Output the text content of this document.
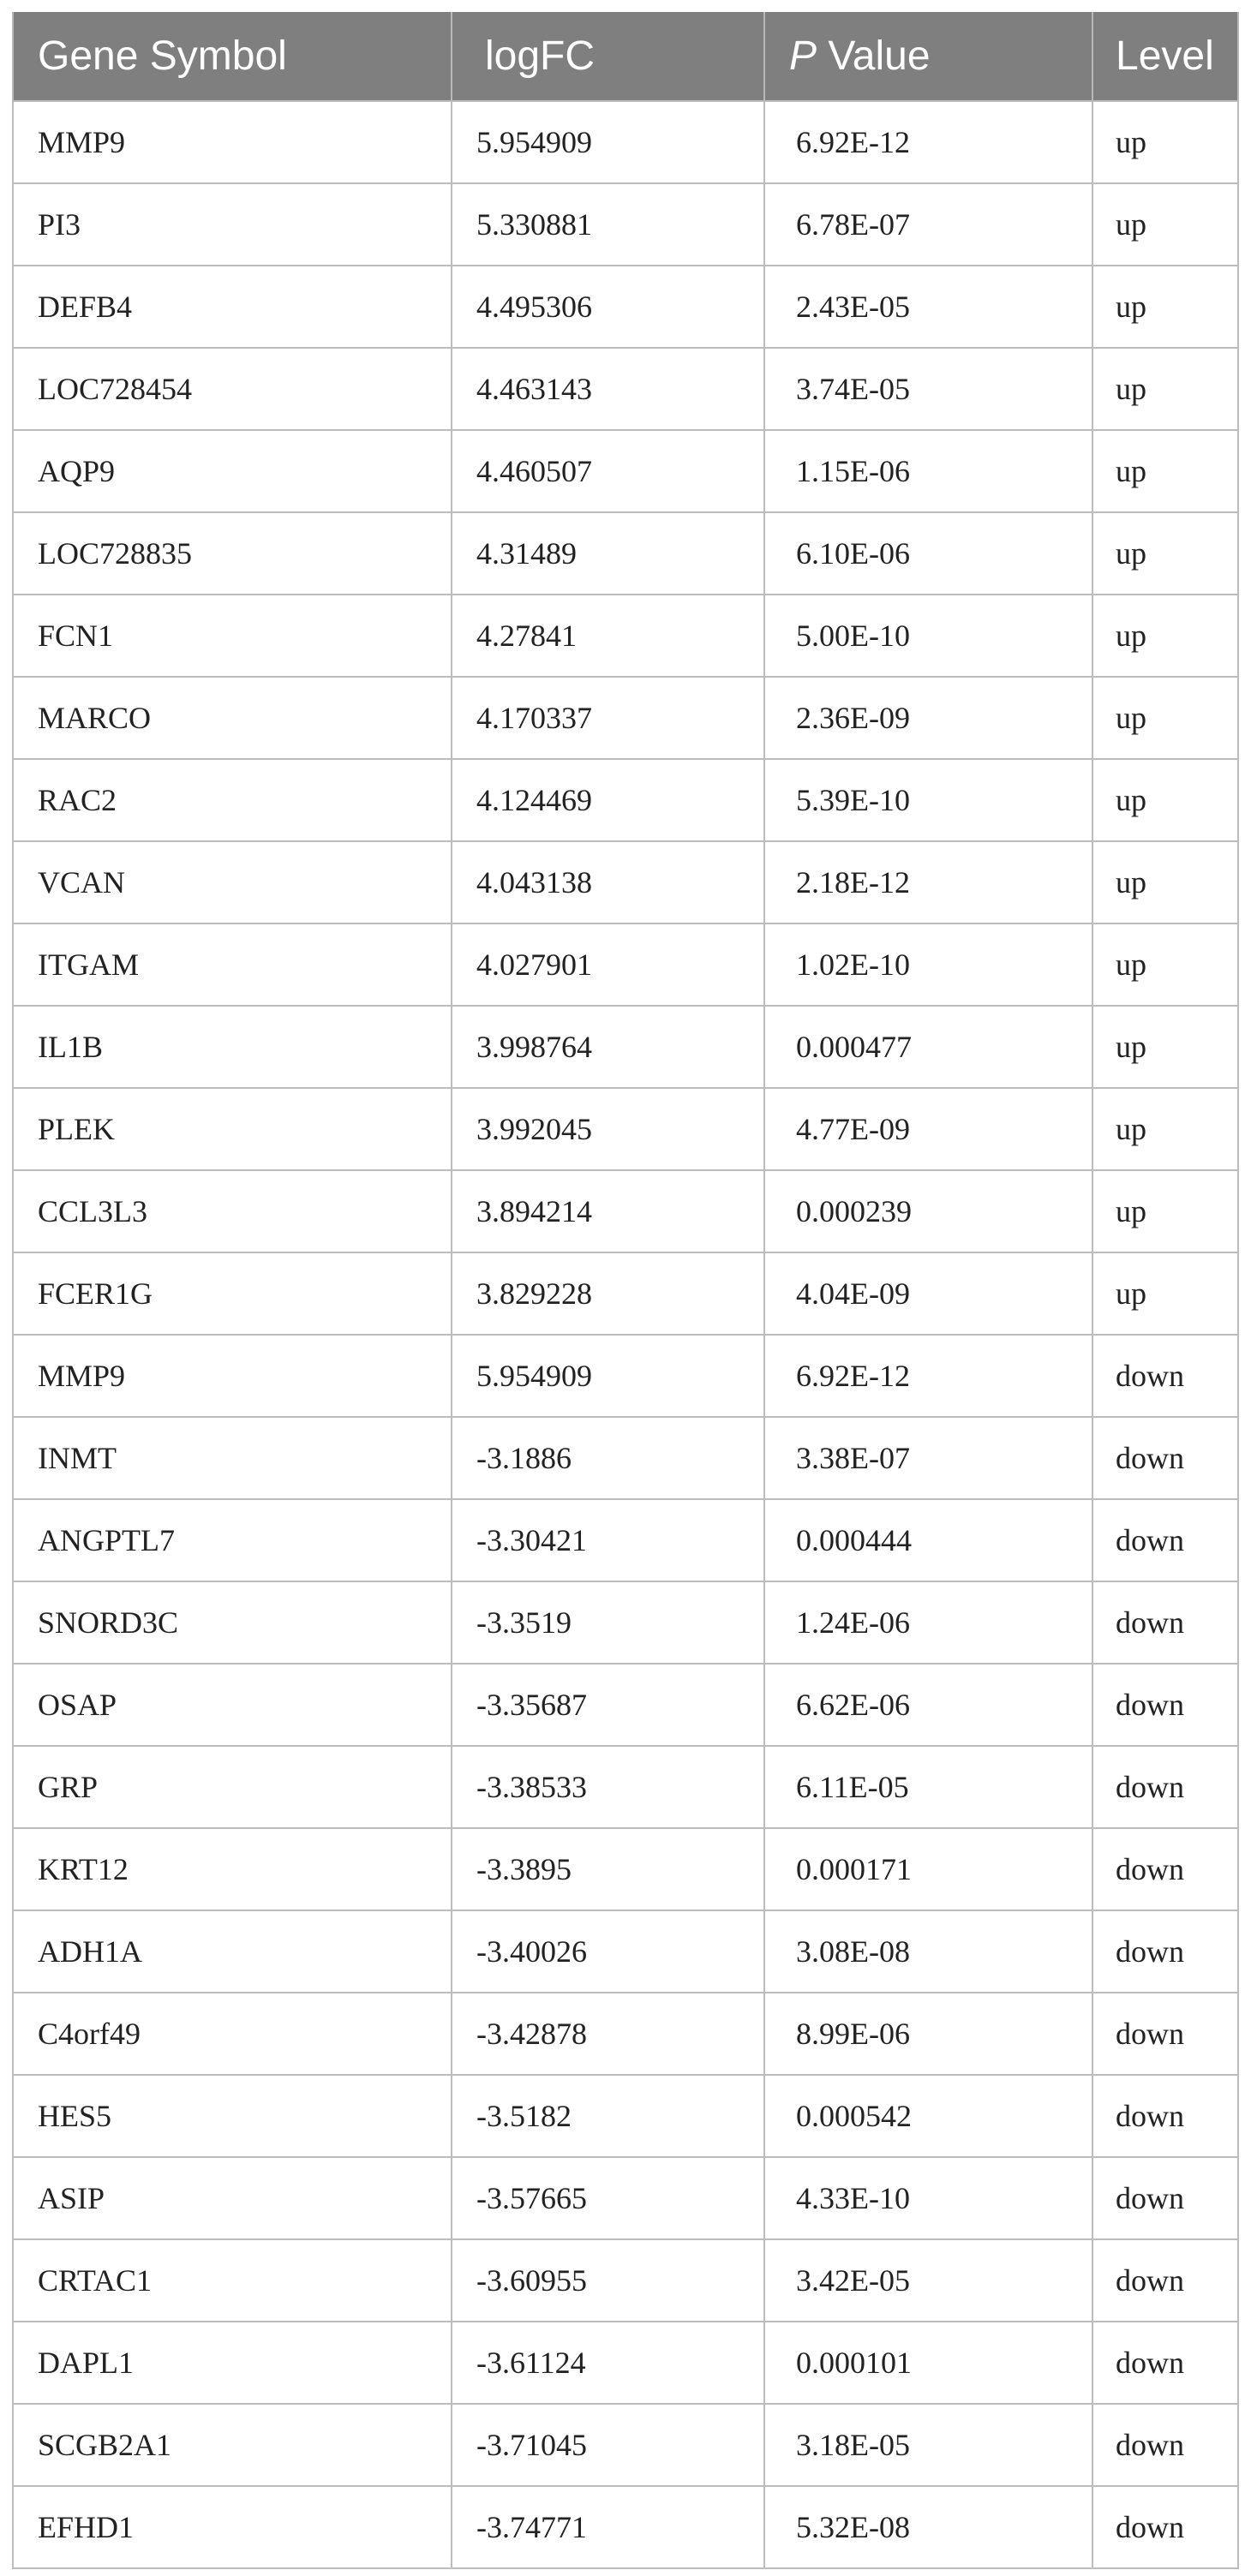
Gene Symbol	logFC	P Value	Level
MMP9	5.954909	6.92E-12	up
PI3	5.330881	6.78E-07	up
DEFB4	4.495306	2.43E-05	up
LOC728454	4.463143	3.74E-05	up
AQP9	4.460507	1.15E-06	up
LOC728835	4.31489	6.10E-06	up
FCN1	4.27841	5.00E-10	up
MARCO	4.170337	2.36E-09	up
RAC2	4.124469	5.39E-10	up
VCAN	4.043138	2.18E-12	up
ITGAM	4.027901	1.02E-10	up
IL1B	3.998764	0.000477	up
PLEK	3.992045	4.77E-09	up
CCL3L3	3.894214	0.000239	up
FCER1G	3.829228	4.04E-09	up
MMP9	5.954909	6.92E-12	down
INMT	-3.1886	3.38E-07	down
ANGPTL7	-3.30421	0.000444	down
SNORD3C	-3.3519	1.24E-06	down
OSAP	-3.35687	6.62E-06	down
GRP	-3.38533	6.11E-05	down
KRT12	-3.3895	0.000171	down
ADH1A	-3.40026	3.08E-08	down
C4orf49	-3.42878	8.99E-06	down
HES5	-3.5182	0.000542	down
ASIP	-3.57665	4.33E-10	down
CRTAC1	-3.60955	3.42E-05	down
DAPL1	-3.61124	0.000101	down
SCGB2A1	-3.71045	3.18E-05	down
EFHD1	-3.74771	5.32E-08	down
